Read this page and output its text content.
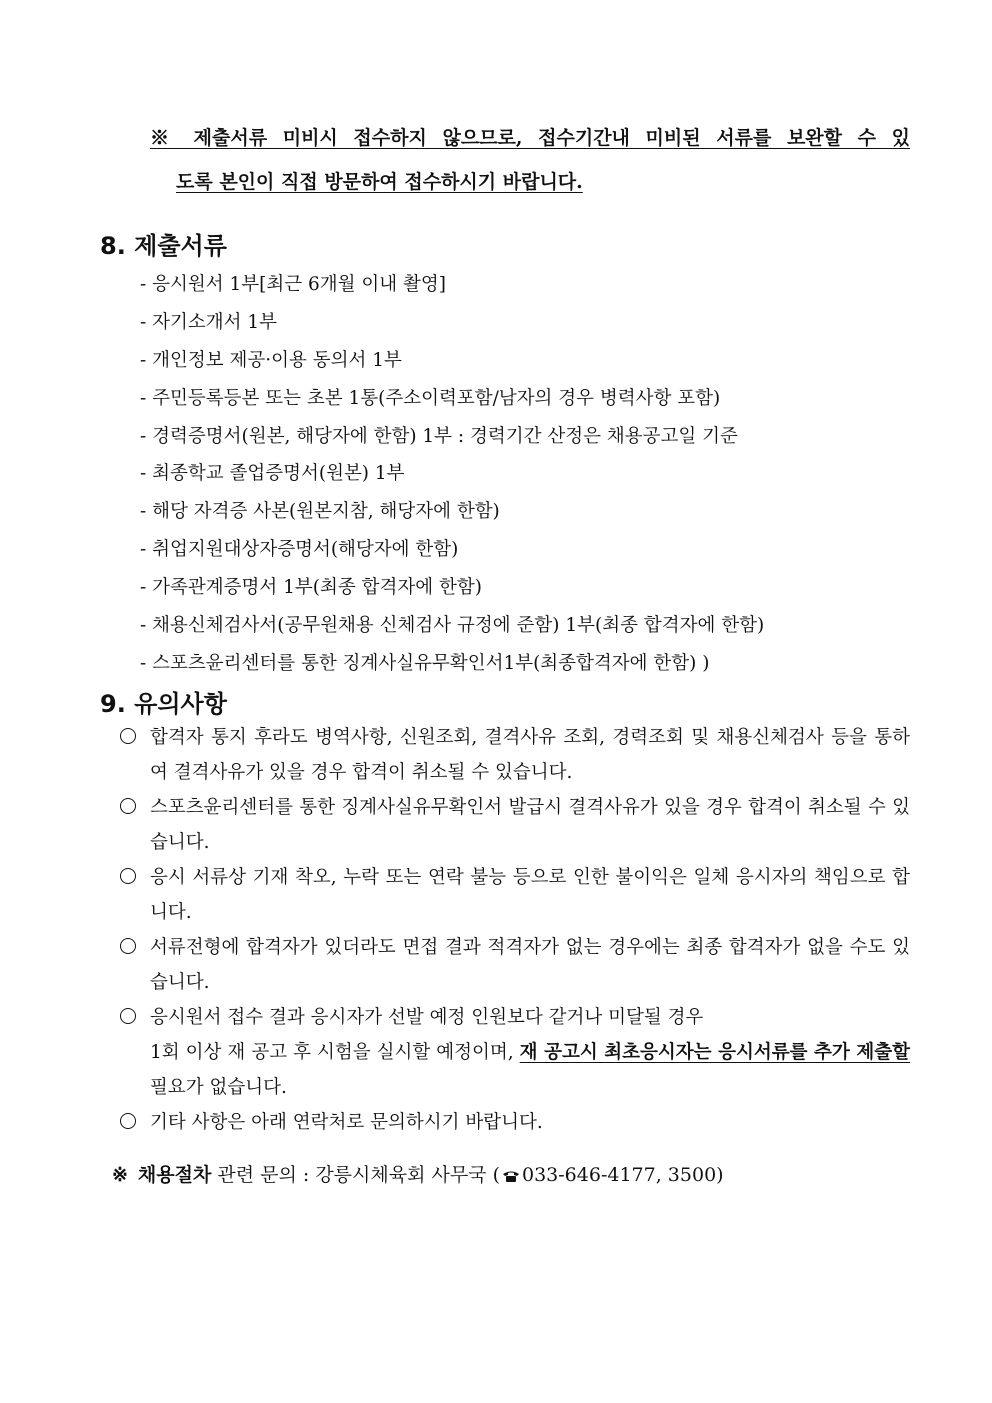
※ 제출서류 미비시 접수하지 않으므로, 접수기간내 미비된 서류를 보완할 수 있
도록 본인이 직접 방문하여 접수하시기 바랍니다.
8. 제출서류
- 응시원서 1부[최근 6개월 이내 촬영]
- 자기소개서 1부
- 개인정보 제공·이용 동의서 1부
- 주민등록등본 또는 초본 1통(주소이력포함/남자의 경우 병력사항 포함)
- 경력증명서(원본, 해당자에 한함) 1부 : 경력기간 산정은 채용공고일 기준
- 최종학교 졸업증명서(원본) 1부
- 해당 자격증 사본(원본지참, 해당자에 한함)
- 취업지원대상자증명서(해당자에 한함)
- 가족관계증명서 1부(최종 합격자에 한함)
- 채용신체검사서(공무원채용 신체검사 규정에 준함) 1부(최종 합격자에 한함)
- 스포츠윤리센터를 통한 징계사실유무확인서1부(최종합격자에 한함) )
9. 유의사항
합격자 통지 후라도 병역사항, 신원조회, 결격사유 조회, 경력조회 및 채용신체검사 등을 통하여 결격사유가 있을 경우 합격이 취소될 수 있습니다.
스포츠윤리센터를 통한 징계사실유무확인서 발급시 결격사유가 있을 경우 합격이 취소될 수 있습니다.
응시 서류상 기재 착오, 누락 또는 연락 불능 등으로 인한 불이익은 일체 응시자의 책임으로 합니다.
서류전형에 합격자가 있더라도 면접 결과 적격자가 없는 경우에는 최종 합격자가 없을 수도 있습니다.
응시원서 접수 결과 응시자가 선발 예정 인원보다 같거나 미달될 경우
1회 이상 재 공고 후 시험을 실시할 예정이며, 재 공고시 최초응시자는 응시서류를 추가 제출할 필요가 없습니다.
기타 사항은 아래 연락처로 문의하시기 바랍니다.
※ 채용절차 관련 문의 : 강릉시체육회 사무국 ( 033-646-4177, 3500)
